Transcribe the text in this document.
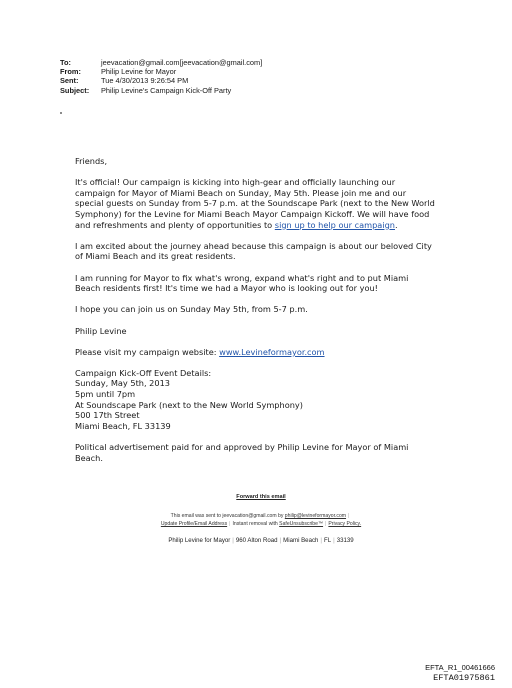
To:	jeevacation@gmail.com[jeevacation@gmail.com]
From:	Philip Levine for Mayor
Sent:	Tue 4/30/2013 9:26:54 PM
Subject:	Philip Levine's Campaign Kick-Off Party

Friends,

It's official! Our campaign is kicking into high-gear and officially launching our campaign for Mayor of Miami Beach on Sunday, May 5th. Please join me and our special guests on Sunday from 5-7 p.m. at the Soundscape Park (next to the New World Symphony) for the Levine for Miami Beach Mayor Campaign Kickoff. We will have food and refreshments and plenty of opportunities to sign up to help our campaign.

I am excited about the journey ahead because this campaign is about our beloved City of Miami Beach and its great residents.

I am running for Mayor to fix what's wrong, expand what's right and to put Miami Beach residents first! It's time we had a Mayor who is looking out for you!

I hope you can join us on Sunday May 5th, from 5-7 p.m.

Philip Levine

Please visit my campaign website: www.Levineformayor.com

Campaign Kick-Off Event Details:
Sunday, May 5th, 2013
5pm until 7pm
At Soundscape Park (next to the New World Symphony)
500 17th Street
Miami Beach, FL 33139

Political advertisement paid for and approved by Philip Levine for Mayor of Miami Beach.

Forward this email
This email was sent to jeevacation@gmail.com by philip@levineformayor.com |
Update Profile/Email Address | Instant removal with SafeUnsubscribe™ | Privacy Policy.
Philip Levine for Mayor | 960 Alton Road | Miami Beach | FL | 33139
EFTA_R1_00461666
EFTA01975861
